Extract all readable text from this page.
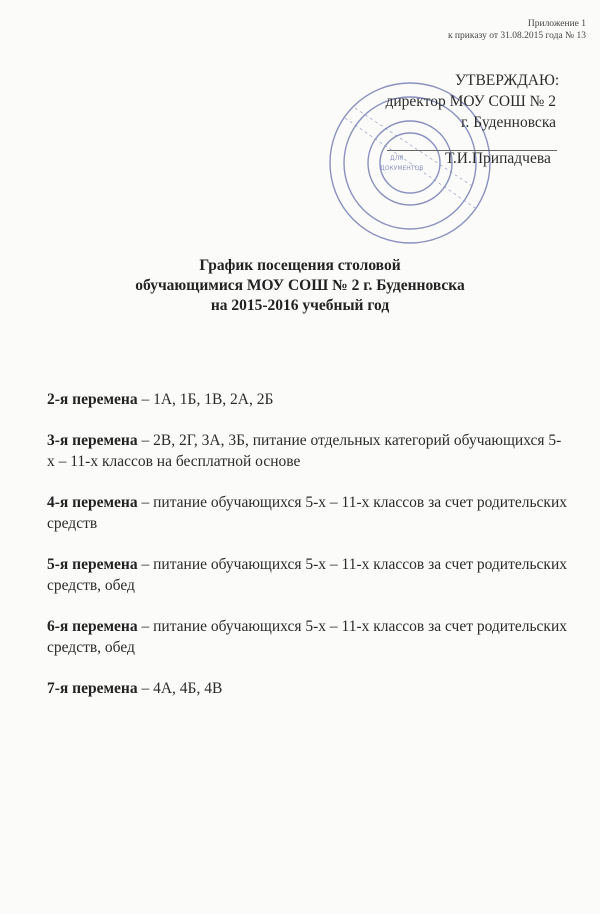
Приложение 1
к приказу от 31.08.2015 года № 13
ДЛЯ
ДОКУМЕНТОВ
УТВЕРЖДАЮ:
директор МОУ СОШ № 2
г. Буденновска
Т.И.Припадчева
График посещения столовой
обучающимися МОУ СОШ № 2 г. Буденновска
на 2015-2016 учебный год
2-я перемена – 1А, 1Б, 1В, 2А, 2Б
3-я перемена – 2В, 2Г, 3А, 3Б, питание отдельных категорий обучающихся 5-х – 11-х классов на бесплатной основе
4-я перемена – питание обучающихся 5-х – 11-х классов за счет родительских средств
5-я перемена – питание обучающихся 5-х – 11-х классов за счет родительских средств, обед
6-я перемена – питание обучающихся 5-х – 11-х классов за счет родительских средств, обед
7-я перемена – 4А, 4Б, 4В
